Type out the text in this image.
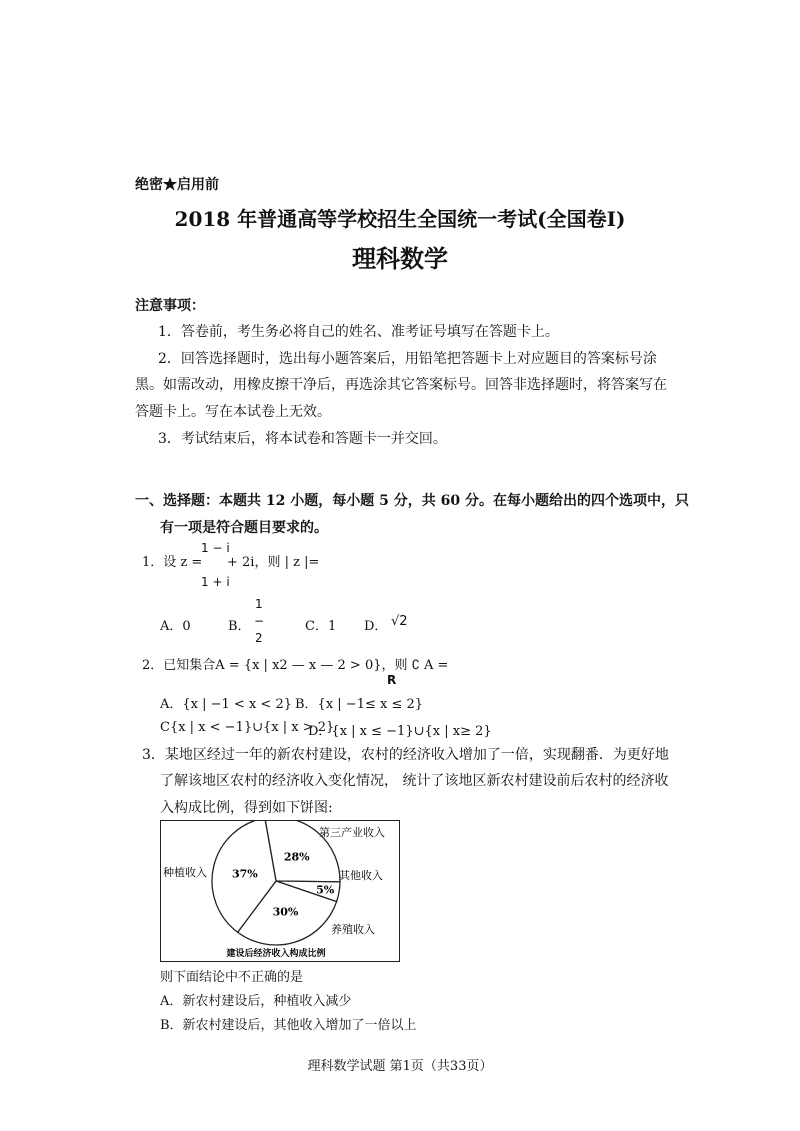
绝密★启用前
2018 年普通高等学校招生全国统一考试(全国卷Ⅰ)
理科数学
注意事项：
1．答卷前，考生务必将自己的姓名、准考证号填写在答题卡上。
2．回答选择题时，选出每小题答案后，用铅笔把答题卡上对应题目的答案标号涂
黑。如需改动，用橡皮擦干净后，再选涂其它答案标号。回答非选择题时，将答案写在
答题卡上。写在本试卷上无效。
3．考试结束后，将本试卷和答题卡一并交回。
一、选择题：本题共 12 小题，每小题 5 分，共 60 分。在每小题给出的四个选项中，只
有一项是符合题目要求的。
1．设 z =
1 − i
+ 2i，则 | z |=
1 + i
A．0	B．
1
−
2
C．1 D． √2
2．已知集合A = {x | x2 — x — 2 > 0}，则 ∁ A =
R
A．{x | −1 < x < 2} B．{x | −1≤ x ≤ 2}
C{x | x < −1}∪{x | x > 2}
D．{x | x ≤ −1}∪{x | x≥ 2}
3．某地区经过一年的新农村建设，农村的经济收入增加了一倍，实现翻番．为更好地
了解该地区农村的经济收入变化情况， 统计了该地区新农村建设前后农村的经济收
入构成比例，得到如下饼图:
28%
第三产业收入
5%
其他收入
30%
养殖收入
37%
种植收入
建设后经济收入构成比例
则下面结论中不正确的是
A．新农村建设后，种植收入减少
B．新农村建设后，其他收入增加了一倍以上
理科数学试题 第1页（共33页）
